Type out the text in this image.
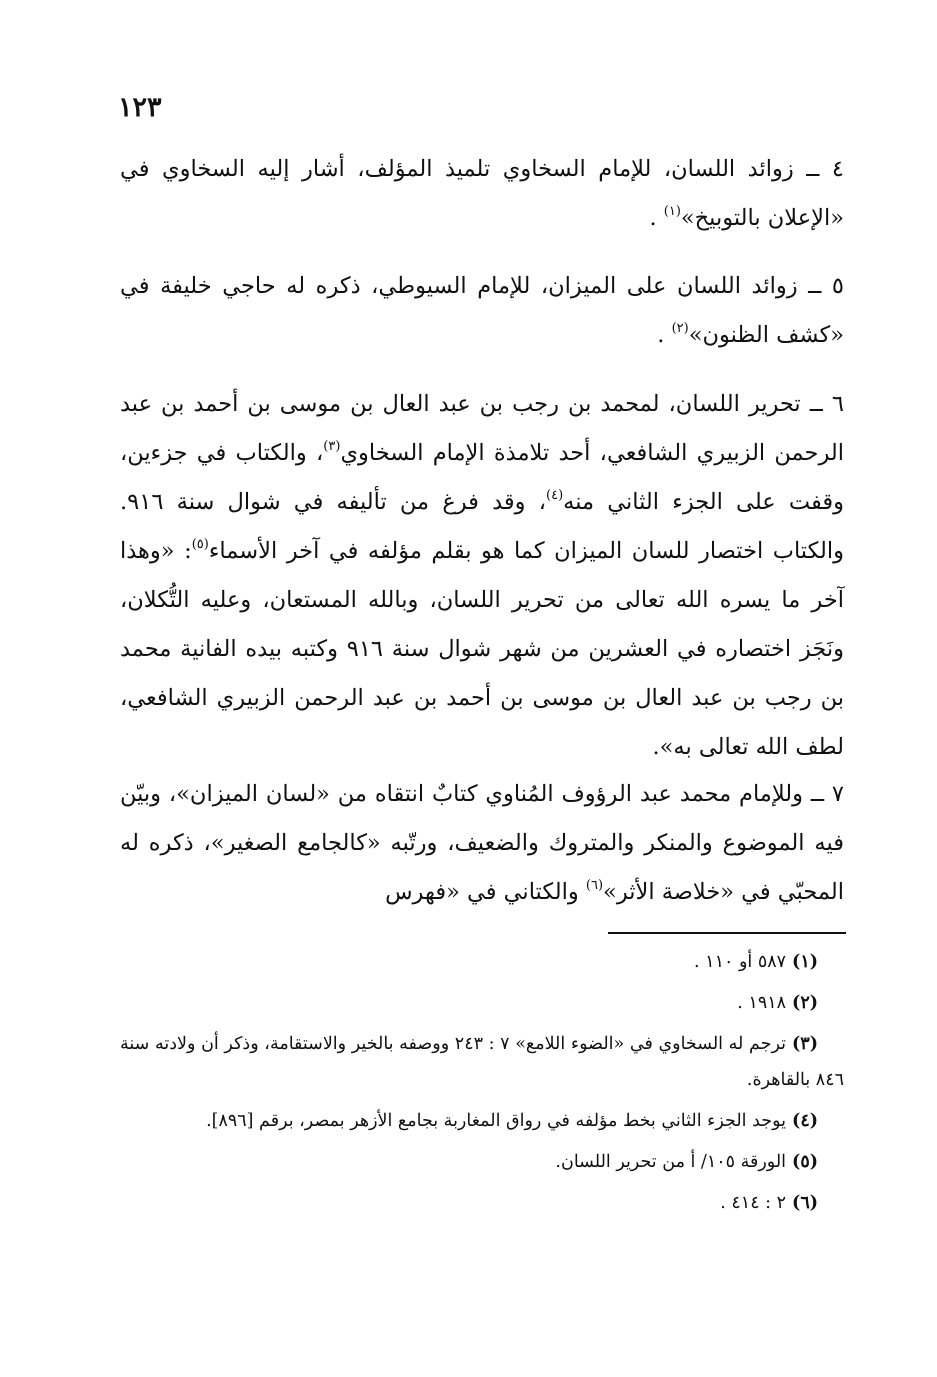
١٢٣
٤ ــ زوائد اللسان، للإمام السخاوي تلميذ المؤلف، أشار إليه السخاوي في «الإعلان بالتوبيخ»$^{(١)}$ .
٥ ــ زوائد اللسان على الميزان، للإمام السيوطي، ذكره له حاجي خليفة في «كشف الظنون»$^{(٢)}$ .
٦ ــ تحرير اللسان، لمحمد بن رجب بن عبد العال بن موسى بن أحمد بن عبد الرحمن الزبيري الشافعي، أحد تلامذة الإمام السخاوي$^{(٣)}$، والكتاب في جزءين، وقفت على الجزء الثاني منه$^{(٤)}$، وقد فرغ من تأليفه في شوال سنة ٩١٦. والكتاب اختصار للسان الميزان كما هو بقلم مؤلفه في آخر الأسماء$^{(٥)}$: «وهذا آخر ما يسره الله تعالى من تحرير اللسان، وبالله المستعان، وعليه التُّكلان، ونَجَز اختصاره في العشرين من شهر شوال سنة ٩١٦ وكتبه بيده الفانية محمد بن رجب بن عبد العال بن موسى بن أحمد بن عبد الرحمن الزبيري الشافعي، لطف الله تعالى به».
٧ ــ وللإمام محمد عبد الرؤوف المُناوي كتابٌ انتقاه من «لسان الميزان»، وبيّن فيه الموضوع والمنكر والمتروك والضعيف، ورتّبه «كالجامع الصغير»، ذكره له المحبّي في «خلاصة الأثر»$^{(٦)}$ والكتاني في «فهرس
(١)٥٨٧ أو ١١٠ .
(٢)١٩١٨ .
(٣)ترجم له السخاوي في «الضوء اللامع» ٧ : ٢٤٣ ووصفه بالخير والاستقامة، وذكر أن ولادته سنة ٨٤٦ بالقاهرة.
(٤)يوجد الجزء الثاني بخط مؤلفه في رواق المغاربة بجامع الأزهر بمصر، برقم [٨٩٦].
(٥)الورقة ١٠٥/ أ من تحرير اللسان.
(٦)٢ : ٤١٤ .
